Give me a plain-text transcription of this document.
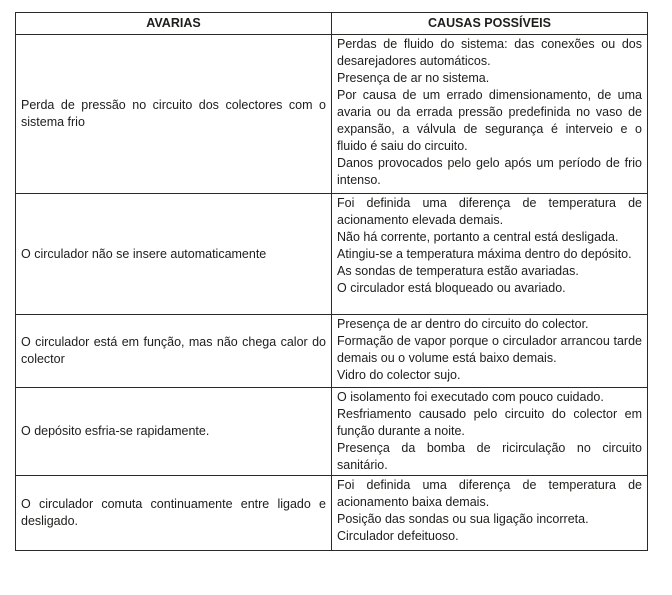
AVARIAS	CAUSAS POSSÍVEIS
Perda de pressão no circuito dos colectores com o sistema frio	Perdas de fluido do sistema: das conexões ou dos desarejadores automáticos.

Presença de ar no sistema.

Por causa de um errado dimensionamento, de uma avaria ou da errada pressão predefinida no vaso de expansão, a válvula de segurança é interveio e o fluido é saiu do circuito.

Danos provocados pelo gelo após um período de frio intenso.

O circulador não se insere automaticamente	Foi definida uma diferença de temperatura de acionamento elevada demais.

Não há corrente, portanto a central está desligada.

Atingiu-se a temperatura máxima dentro do depósito.

As sondas de temperatura estão avariadas.

O circulador está bloqueado ou avariado.

O circulador está em função, mas não chega calor do colector	Presença de ar dentro do circuito do colector.

Formação de vapor porque o circulador arrancou tarde demais ou o volume está baixo demais.

Vidro do colector sujo.

O depósito esfria-se rapidamente.	O isolamento foi executado com pouco cuidado.

Resfriamento causado pelo circuito do colector em função durante a noite.

Presença da bomba de ricirculação no circuito sanitário.

O circulador comuta continuamente entre ligado e desligado.	Foi definida uma diferença de temperatura de acionamento baixa demais.

Posição das sondas ou sua ligação incorreta.

Circulador defeituoso.
